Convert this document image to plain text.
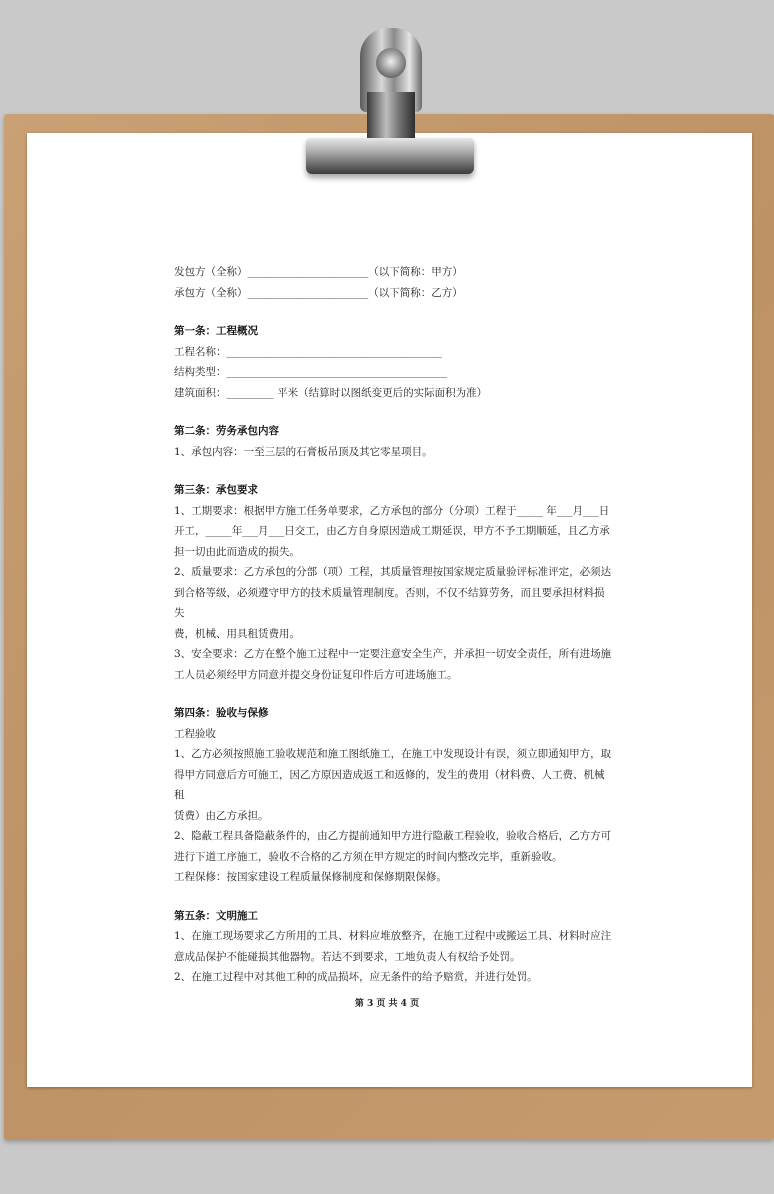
发包方（全称）_______________________（以下简称：甲方）

承包方（全称）_______________________（以下简称：乙方）

第一条：工程概况

工程名称：_________________________________________

结构类型：__________________________________________

建筑面积：_________ 平米（结算时以图纸变更后的实际面积为准）

第二条：劳务承包内容

1、承包内容：一至三层的石膏板吊顶及其它零星项目。

第三条：承包要求

1、工期要求：根据甲方施工任务单要求，乙方承包的部分（分项）工程于_____ 年___月___日

开工，_____年___月___日交工，由乙方自身原因造成工期延误，甲方不予工期顺延，且乙方承

担一切由此而造成的损失。

2、质量要求：乙方承包的分部（项）工程，其质量管理按国家规定质量验评标准评定，必须达

到合格等级，必须遵守甲方的技术质量管理制度。否则，不仅不结算劳务，而且要承担材料损失

费，机械、用具租赁费用。

3、安全要求：乙方在整个施工过程中一定要注意安全生产，并承担一切安全责任，所有进场施

工人员必须经甲方同意并提交身份证复印件后方可进场施工。

第四条：验收与保修

工程验收

1、乙方必须按照施工验收规范和施工图纸施工，在施工中发现设计有误，须立即通知甲方，取

得甲方同意后方可施工，因乙方原因造成返工和返修的，发生的费用（材料费、人工费、机械租

赁费）由乙方承担。

2、隐蔽工程具备隐蔽条件的，由乙方提前通知甲方进行隐蔽工程验收，验收合格后，乙方方可

进行下道工序施工，验收不合格的乙方须在甲方规定的时间内整改完毕，重新验收。

工程保修：按国家建设工程质量保修制度和保修期限保修。

第五条：文明施工

1、在施工现场要求乙方所用的工具、材料应堆放整齐，在施工过程中或搬运工具、材料时应注

意成品保护不能碰损其他器物。若达不到要求，工地负责人有权给予处罚。

2、在施工过程中对其他工种的成品损坏，应无条件的给予赔赏，并进行处罚。

第 3 页 共 4 页
